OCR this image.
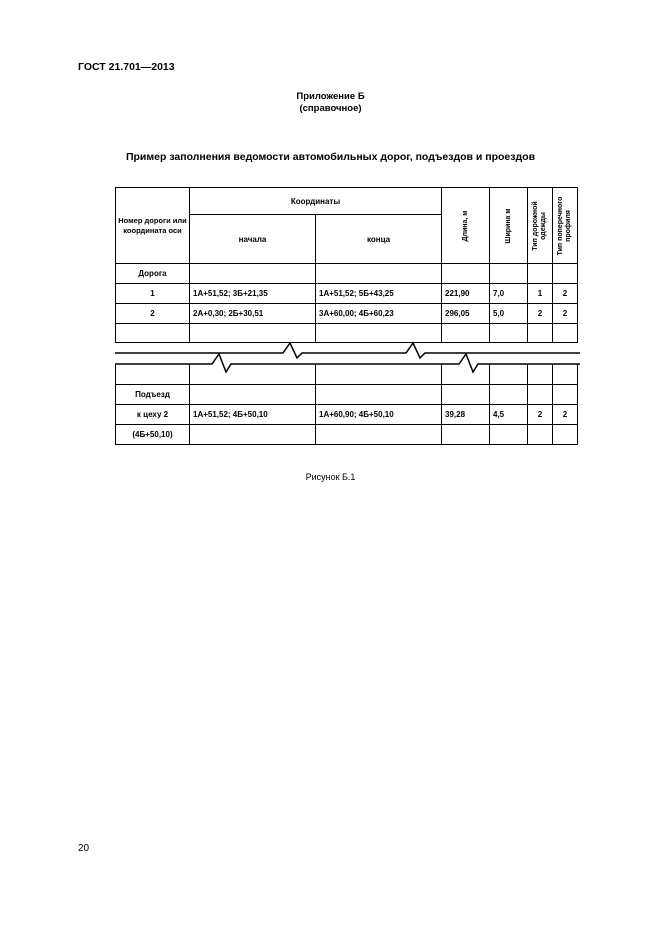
ГОСТ 21.701—2013
Приложение Б
(справочное)
Пример заполнения ведомости автомобильных дорог, подъездов и проездов
Номер дороги или координата оси	Координаты		Длина, м	Ширина м	Тип дорожной одежды	Тип поперечного профиля

	начала	конца				
Дорога						
1	1А+51,52; 3Б+21,35	1А+51,52; 5Б+43,25	221,90	7,0	1	2
2	2А+0,30; 2Б+30,51	3А+60,00; 4Б+60,23	296,05	5,0	2	2

Подъезд						
к цеху 2	1А+51,52; 4Б+50,10	1А+60,90; 4Б+50,10	39,28	4,5	2	2
(4Б+50,10)						
Рисунок Б.1
20
